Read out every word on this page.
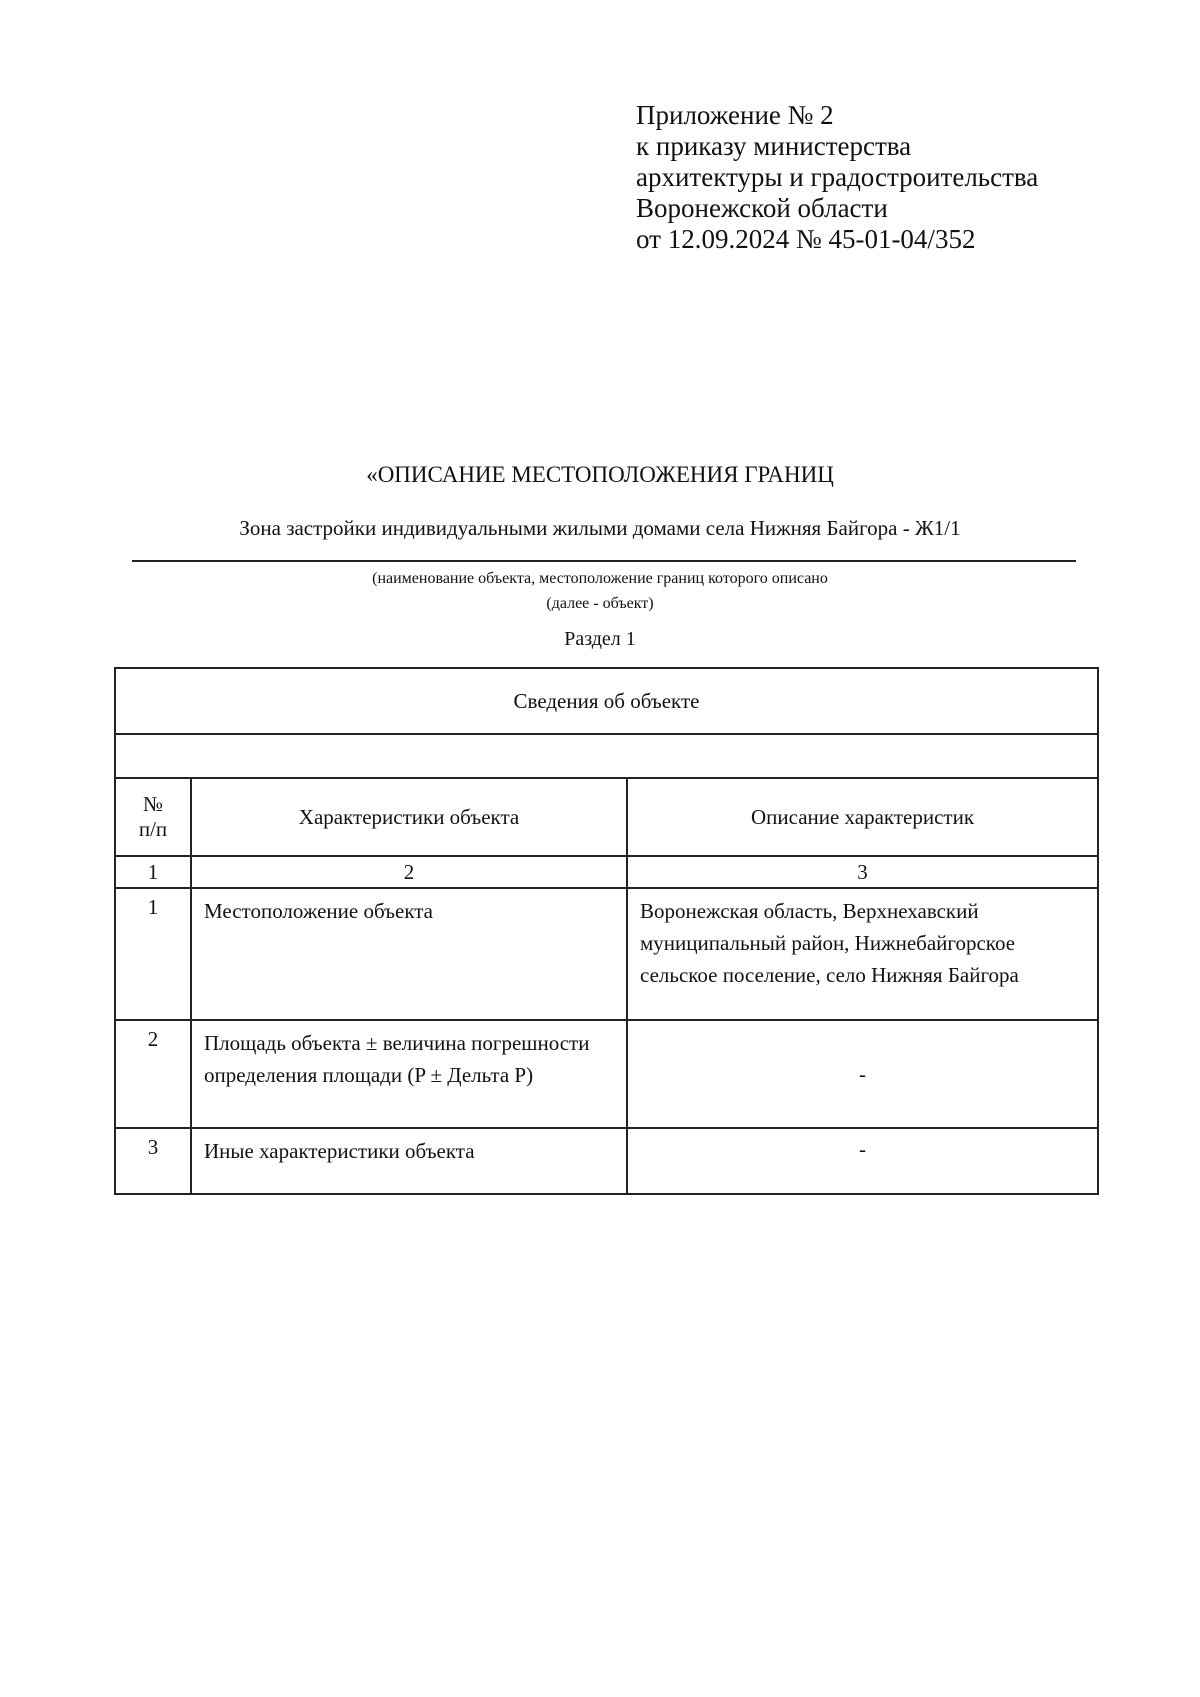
Приложение № 2
к приказу министерства
архитектуры и градостроительства
Воронежской области
от 12.09.2024 № 45-01-04/352
«ОПИСАНИЕ МЕСТОПОЛОЖЕНИЯ ГРАНИЦ
Зона застройки индивидуальными жилыми домами села Нижняя Байгора - Ж1/1
(наименование объекта, местоположение границ которого описано
(далее - объект)
Раздел 1
Сведения об объекте		

№
п/п	Характеристики объекта	Описание характеристик
1	2	3
1	Местоположение объекта	Воронежская область, Верхнехавский муниципальный район, Нижнебайгорское сельское поселение, село Нижняя Байгора
2	Площадь объекта ± величина погрешности определения площади (P ± Дельта P)	-
3	Иные характеристики объекта	-
